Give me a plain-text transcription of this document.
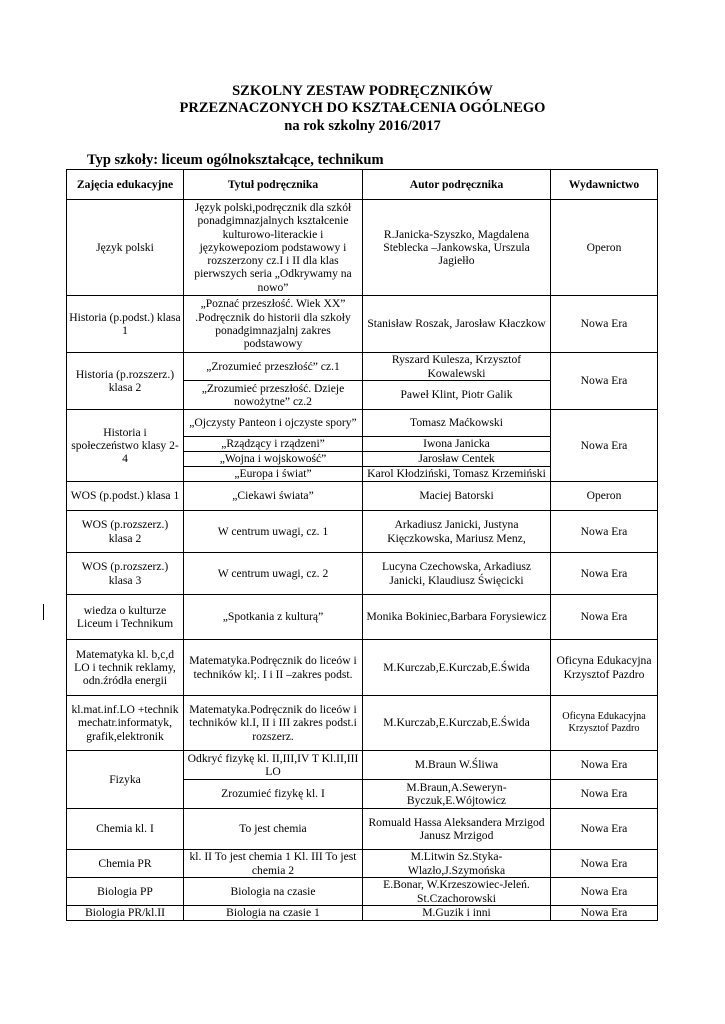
SZKOLNY ZESTAW PODRĘCZNIKÓW
PRZEZNACZONYCH DO KSZTAŁCENIA OGÓLNEGO
na rok szkolny 2016/2017
Typ szkoły: liceum ogólnokształcące, technikum
Zajęcia edukacyjne	Tytuł podręcznika	Autor podręcznika	Wydawnictwo
Język polski	Język polski,podręcznik dla szkół ponadgimnazjalnych kształcenie kulturowo-literackie i językowepoziom podstawowy i rozszerzony cz.I i II dla klas pierwszych seria „Odkrywamy na nowo”	R.Janicka-Szyszko, Magdalena Steblecka –Jankowska, Urszula Jagiełło	Operon
Historia (p.podst.) klasa 1	„Poznać przeszłość. Wiek XX” .Podręcznik do historii dla szkoły ponadgimnazjalnj zakres podstawowy	Stanisław Roszak, Jarosław Kłaczkow	Nowa Era
Historia (p.rozszerz.) klasa 2	„Zrozumieć przeszłość” cz.1	Ryszard Kulesza, Krzysztof Kowalewski	Nowa Era
	„Zrozumieć przeszłość. Dzieje nowożytne” cz.2	Paweł Klint, Piotr Galik	
Historia i społeczeństwo klasy 2-4	„Ojczysty Panteon i ojczyste spory”	Tomasz Maćkowski	Nowa Era
	„Rządzący i rządzeni”	Iwona Janicka	
	„Wojna i wojskowość”	Jarosław Centek	
	„Europa i świat”	Karol Kłodziński, Tomasz Krzemiński	
WOS (p.podst.) klasa 1	„Ciekawi świata”	Maciej Batorski	Operon
WOS (p.rozszerz.) klasa 2	W centrum uwagi, cz. 1	Arkadiusz Janicki, Justyna Kięczkowska, Mariusz Menz,	Nowa Era
WOS (p.rozszerz.) klasa 3	W centrum uwagi, cz. 2	Lucyna Czechowska, Arkadiusz Janicki, Klaudiusz Święcicki	Nowa Era
wiedza o kulturze Liceum i Technikum	„Spotkania z kulturą”	Monika Bokiniec,Barbara Forysiewicz	Nowa Era
Matematyka kl. b,c,d LO i technik reklamy, odn.źródła energii	Matematyka.Podręcznik do liceów i techników kl;. I i II –zakres podst.	M.Kurczab,E.Kurczab,E.Świda	Oficyna Edukacyjna Krzysztof Pazdro
kl.mat.inf.LO +technik mechatr.informatyk, grafik,elektronik	Matematyka.Podręcznik do liceów i techników kl.I, II i III zakres podst.i rozszerz.	M.Kurczab,E.Kurczab,E.Świda	Oficyna Edukacyjna Krzysztof Pazdro
Fizyka	Odkryć fizykę kl. II,III,IV T Kl.II,III LO	M.Braun W.Śliwa	Nowa Era
	Zrozumieć fizykę kl. I	M.Braun,A.Seweryn-Byczuk,E.Wójtowicz	Nowa Era
Chemia kl. I	To jest chemia	Romuald Hassa Aleksandera Mrzigod Janusz Mrzigod	Nowa Era
Chemia PR	kl. II To jest chemia 1 Kl. III To jest chemia 2	M.Litwin Sz.Styka-Wlazło,J.Szymońska	Nowa Era
Biologia PP	Biologia na czasie	E.Bonar, W.Krzeszowiec-Jeleń. St.Czachorowski	Nowa Era
Biologia PR/kl.II	Biologia na czasie 1	M.Guzik i inni	Nowa Era
